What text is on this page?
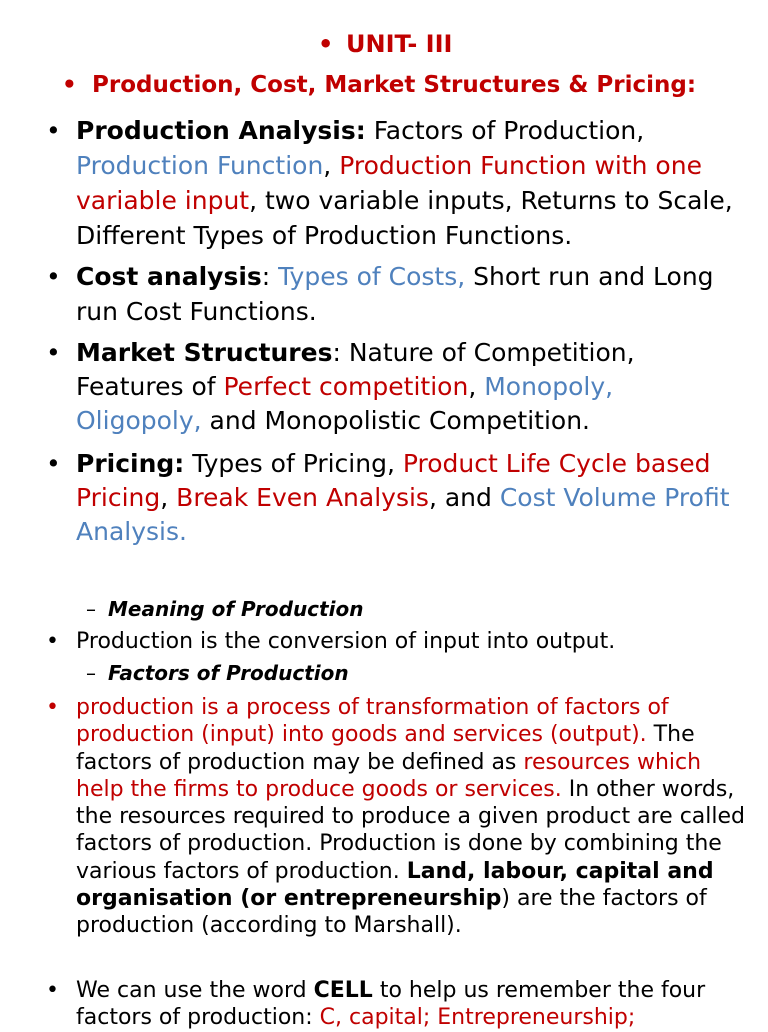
• UNIT- III
• Production, Cost, Market Structures & Pricing:
• Production Analysis: Factors of Production, Production Function, Production Function with one variable input, two variable inputs, Returns to Scale, Different Types of Production Functions.
• Cost analysis: Types of Costs, Short run and Long run Cost Functions.
• Market Structures: Nature of Competition, Features of Perfect competition, Monopoly, Oligopoly, and Monopolistic Competition.
• Pricing: Types of Pricing, Product Life Cycle based Pricing, Break Even Analysis, and Cost Volume Profit Analysis.
– Meaning of Production
• Production is the conversion of input into output.
– Factors of Production
• production is a process of transformation of factors of production (input) into goods and services (output). The factors of production may be defined as resources which help the firms to produce goods or services. In other words, the resources required to produce a given product are called factors of production. Production is done by combining the various factors of production. Land, labour, capital and organisation (or entrepreneurship) are the factors of production (according to Marshall).
• We can use the word CELL to help us remember the four factors of production: C, capital; Entrepreneurship;
